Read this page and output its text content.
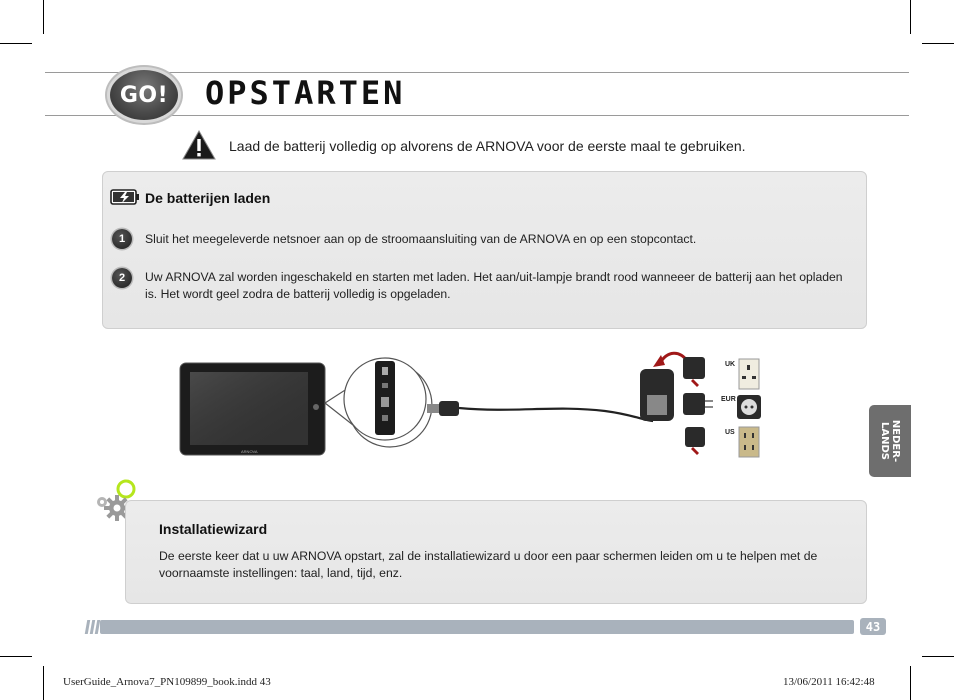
GO!	OPSTARTEN
Laad de batterij volledig op alvorens de ARNOVA voor de eerste maal te gebruiken.
De batterijen laden
1	Sluit het meegeleverde netsnoer aan op de stroomaansluiting van de ARNOVA en op een stopcontact.
2	Uw ARNOVA zal worden ingeschakeld en starten met laden. Het aan/uit-lampje brandt rood wanneeer de batterij aan het opladen is. Het wordt geel zodra de batterij volledig is opgeladen.
ARNOVA
UK
EUR
US	NEDER-
LANDS
Installatiewizard
De eerste keer dat u uw ARNOVA opstart, zal de installatiewizard u door een paar schermen leiden om u te helpen met de voornaamste instellingen: taal, land, tijd, enz.
43
UserGuide_Arnova7_PN109899_book.indd 43	13/06/2011 16:42:48
